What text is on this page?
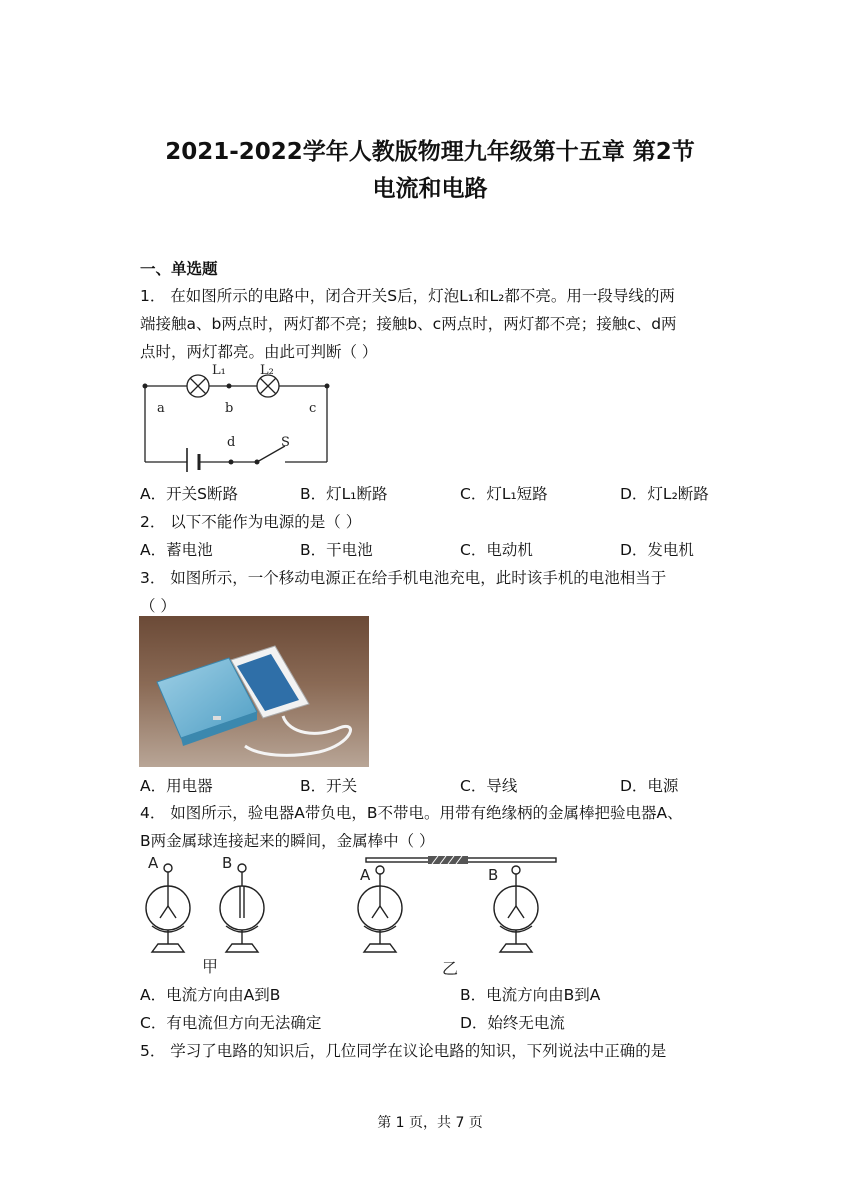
2021-2022学年人教版物理九年级第十五章 第2节
电流和电路
一、单选题
1． 在如图所示的电路中，闭合开关S后，灯泡L₁和L₂都不亮。用一段导线的两
端接触a、b两点时，两灯都不亮；接触b、c两点时，两灯都不亮；接触c、d两
点时，两灯都亮。由此可判断（ ）
a	b	c
d	S
L₁	L₂
A．开关S断路	B．灯L₁断路	C．灯L₁短路	D．灯L₂断路
2． 以下不能作为电源的是（ ）
A．蓄电池	B．干电池	C．电动机	D．发电机
3． 如图所示，一个移动电源正在给手机电池充电，此时该手机的电池相当于
（ ）
A．用电器	B．开关	C．导线	D．电源
4． 如图所示，验电器A带负电，B不带电。用带有绝缘柄的金属棒把验电器A、
B两金属球连接起来的瞬间，金属棒中（ ）
A	B
A	B
甲	乙
A．电流方向由A到B	B．电流方向由B到A
C．有电流但方向无法确定	D．始终无电流
5． 学习了电路的知识后，几位同学在议论电路的知识，下列说法中正确的是
第 1 页，共 7 页
